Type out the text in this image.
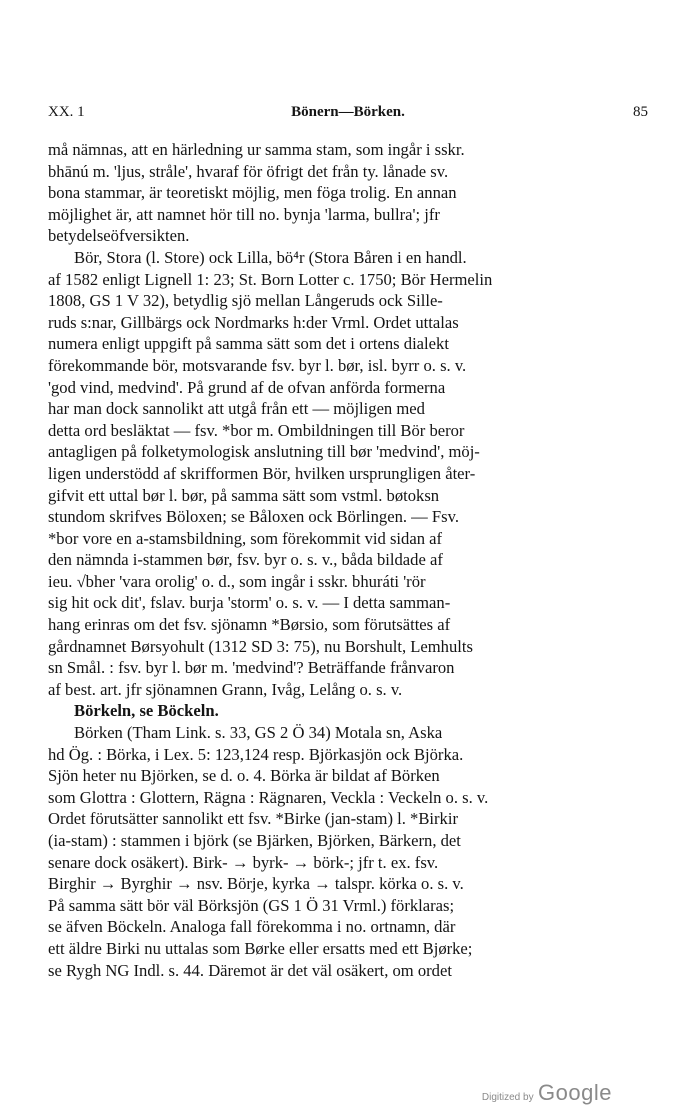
XX. 1	Bönern—Börken.	85
må nämnas, att en härledning ur samma stam, som ingår i sskr.
bhānú m. 'ljus, stråle', hvaraf för öfrigt det från ty. lånade sv.
bona stammar, är teoretiskt möjlig, men föga trolig. En annan
möjlighet är, att namnet hör till no. bynja 'larma, bullra'; jfr
betydelseöfversikten.
Bör, Stora (l. Store) ock Lilla, bö⁴r (Stora Båren i en handl.
af 1582 enligt Lignell 1: 23; St. Born Lotter c. 1750; Bör Hermelin
1808, GS 1 V 32), betydlig sjö mellan Långeruds ock Sille-
ruds s:nar, Gillbärgs ock Nordmarks h:der Vrml. Ordet uttalas
numera enligt uppgift på samma sätt som det i ortens dialekt
förekommande bör, motsvarande fsv. byr l. bør, isl. byrr o. s. v.
'god vind, medvind'. På grund af de ofvan anförda formerna
har man dock sannolikt att utgå från ett — möjligen med
detta ord besläktat — fsv. *bor m. Ombildningen till Bör beror
antagligen på folketymologisk anslutning till bør 'medvind', möj-
ligen understödd af skrifformen Bör, hvilken ursprungligen åter-
gifvit ett uttal bør l. bør, på samma sätt som vstml. bøtoksn
stundom skrifves Böloxen; se Båloxen ock Börlingen. — Fsv.
*bor vore en a-stamsbildning, som förekommit vid sidan af
den nämnda i-stammen bør, fsv. byr o. s. v., båda bildade af
ieu. √bher 'vara orolig' o. d., som ingår i sskr. bhuráti 'rör
sig hit ock dit', fslav. burja 'storm' o. s. v. — I detta samman-
hang erinras om det fsv. sjönamn *Børsio, som förutsättes af
gårdnamnet Børsyohult (1312 SD 3: 75), nu Borshult, Lemhults
sn Smål. : fsv. byr l. bør m. 'medvind'? Beträffande frånvaron
af best. art. jfr sjönamnen Grann, Ivåg, Lelång o. s. v.
Börkeln, se Böckeln.
Börken (Tham Link. s. 33, GS 2 Ö 34) Motala sn, Aska
hd Ög. : Börka, i Lex. 5: 123,124 resp. Björkasjön ock Björka.
Sjön heter nu Björken, se d. o. 4. Börka är bildat af Börken
som Glottra : Glottern, Rägna : Rägnaren, Veckla : Veckeln o. s. v.
Ordet förutsätter sannolikt ett fsv. *Birke (jan-stam) l. *Birkir
(ia-stam) : stammen i björk (se Bjärken, Björken, Bärkern, det
senare dock osäkert). Birk- → byrk- → börk-; jfr t. ex. fsv.
Birghir → Byrghir → nsv. Börje, kyrka → talspr. körka o. s. v.
På samma sätt bör väl Börksjön (GS 1 Ö 31 Vrml.) förklaras;
se äfven Böckeln. Analoga fall förekomma i no. ortnamn, där
ett äldre Birki nu uttalas som Børke eller ersatts med ett Bjørke;
se Rygh NG Indl. s. 44. Däremot är det väl osäkert, om ordet
Digitized by Google
